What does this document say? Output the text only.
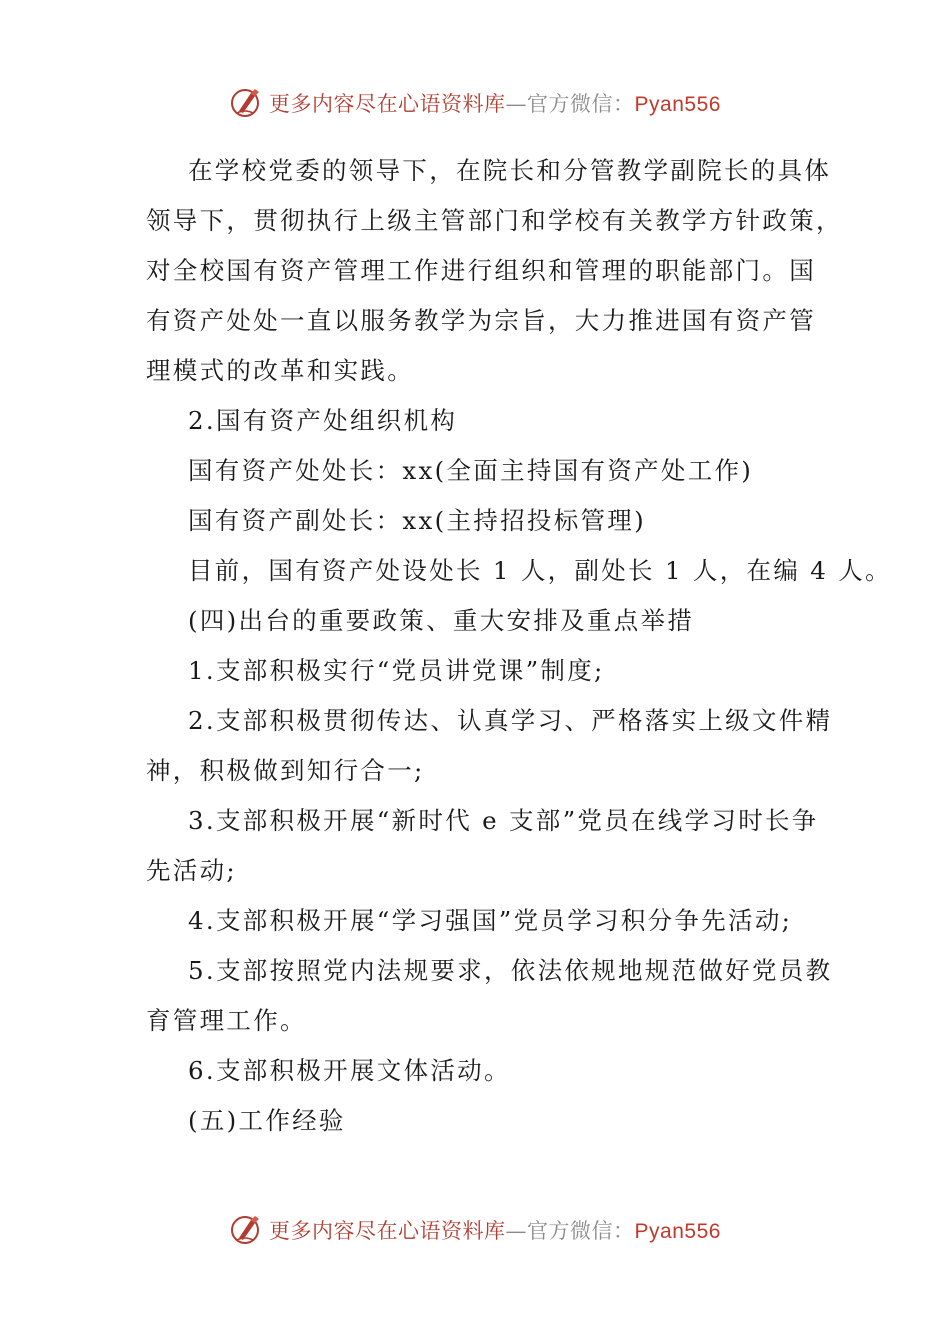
更多内容尽在心语资料库—官方微信：Pyan556
在学校党委的领导下，在院长和分管教学副院长的具体
领导下，贯彻执行上级主管部门和学校有关教学方针政策，
对全校国有资产管理工作进行组织和管理的职能部门。国
有资产处处一直以服务教学为宗旨，大力推进国有资产管
理模式的改革和实践。
2.国有资产处组织机构
国有资产处处长：xx(全面主持国有资产处工作)
国有资产副处长：xx(主持招投标管理)
目前，国有资产处设处长 1 人，副处长 1 人，在编 4 人。
(四)出台的重要政策、重大安排及重点举措
1.支部积极实行“党员讲党课”制度;
2.支部积极贯彻传达、认真学习、严格落实上级文件精
神，积极做到知行合一;
3.支部积极开展“新时代 e 支部”党员在线学习时长争
先活动;
4.支部积极开展“学习强国”党员学习积分争先活动;
5.支部按照党内法规要求，依法依规地规范做好党员教
育管理工作。
6.支部积极开展文体活动。
(五)工作经验
更多内容尽在心语资料库—官方微信：Pyan556
